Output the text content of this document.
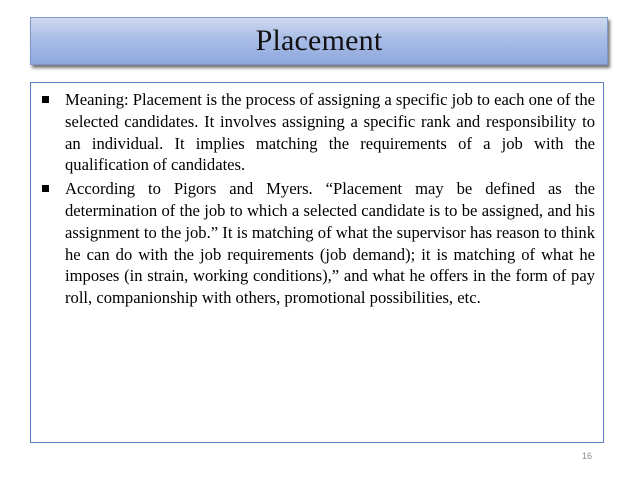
Placement
Meaning: Placement is the process of assigning a specific job to each one of the selected candidates. It involves assigning a specific rank and responsibility to an individual. It implies matching the requirements of a job with the qualification of candidates.
According to Pigors and Myers. “Placement may be defined as the determination of the job to which a selected candidate is to be assigned, and his assignment to the job.” It is matching of what the supervisor has reason to think he can do with the job requirements (job demand); it is matching of what he imposes (in strain, working conditions),” and what he offers in the form of pay roll, companionship with others, promotional possibilities, etc.
16
